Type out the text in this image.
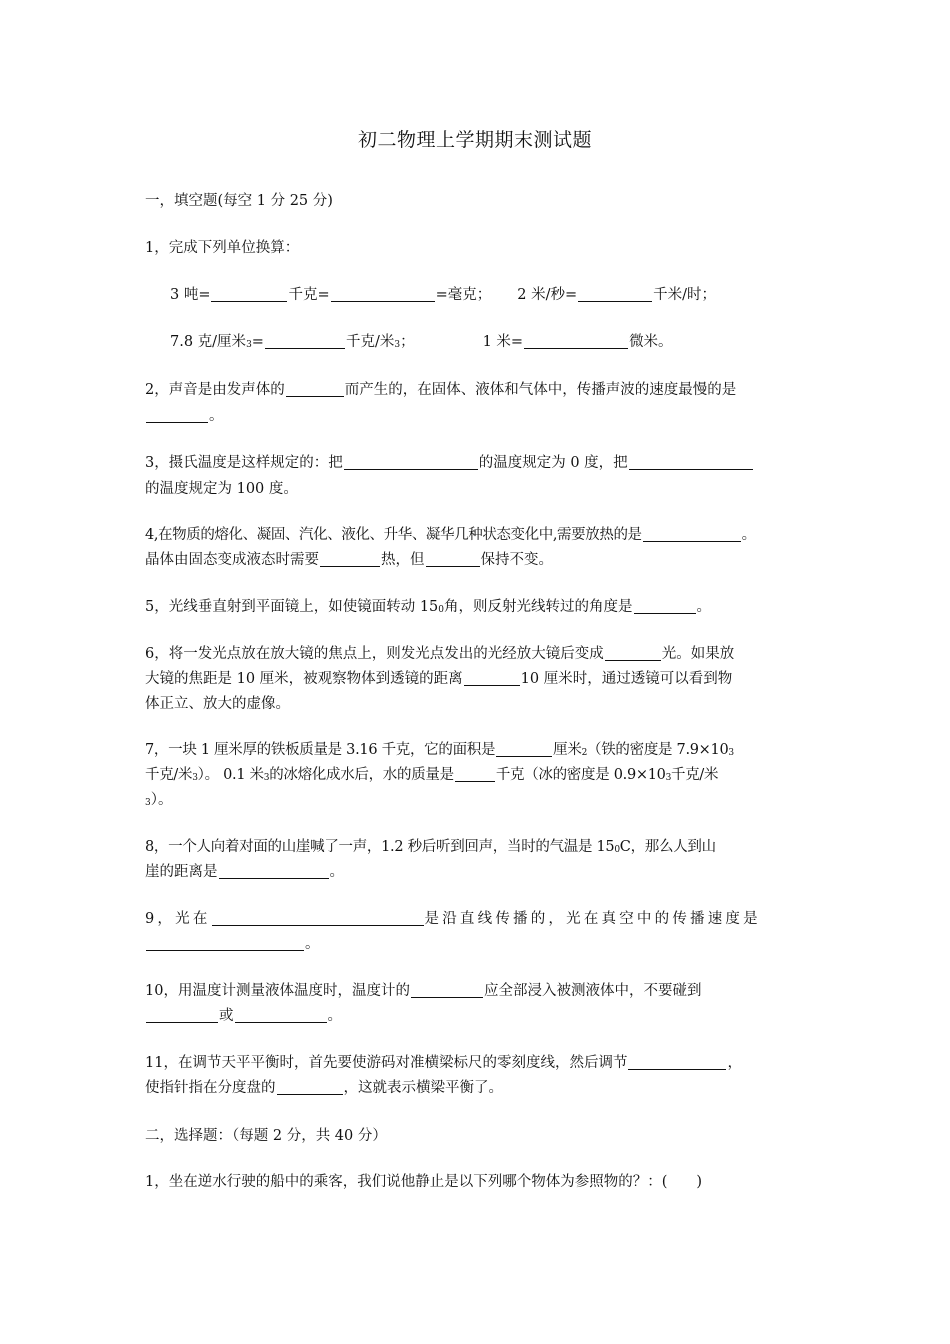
初二物理上学期期末测试题
一，填空题(每空 1 分 25 分)
1，完成下列单位换算：
3 吨=	千克=	=毫克； 2 米/秒=	千米/时；
7.8 克/厘米3=	千克/米3；	1 米=	微米。
2，声音是由发声体的	而产生的，在固体、液体和气体中，传播声波的速度最慢的是
。
3，摄氏温度是这样规定的：把	的温度规定为 0 度，把
的温度规定为 100 度。
4,在物质的熔化、凝固、汽化、液化、升华、凝华几种状态变化中,需要放热的是	。
晶体由固态变成液态时需要	热，但	保持不变。
5，光线垂直射到平面镜上，如使镜面转动 150角，则反射光线转过的角度是	。
6，将一发光点放在放大镜的焦点上，则发光点发出的光经放大镜后变成	光。如果放
大镜的焦距是 10 厘米，被观察物体到透镜的距离	10 厘米时，通过透镜可以看到物
体正立、放大的虚像。
7，一块 1 厘米厚的铁板质量是 3.16 千克，它的面积是	厘米2（铁的密度是 7.9×103
千克/米3）。 0.1 米3的冰熔化成水后，水的质量是	千克（冰的密度是 0.9×103千克/米
3）。
8，一个人向着对面的山崖喊了一声，1.2 秒后听到回声，当时的气温是 150C，那么人到山
崖的距离是	。
9，光在	是沿直线传播的，光在真空中的传播速度是
。
10，用温度计测量液体温度时，温度计的	应全部浸入被测液体中，不要碰到
或	。
11，在调节天平平衡时，首先要使游码对准横梁标尺的零刻度线，然后调节	，
使指针指在分度盘的	，这就表示横梁平衡了。
二，选择题：（每题 2 分，共 40 分）
1，坐在逆水行驶的船中的乘客，我们说他静止是以下列哪个物体为参照物的？：(　　)
